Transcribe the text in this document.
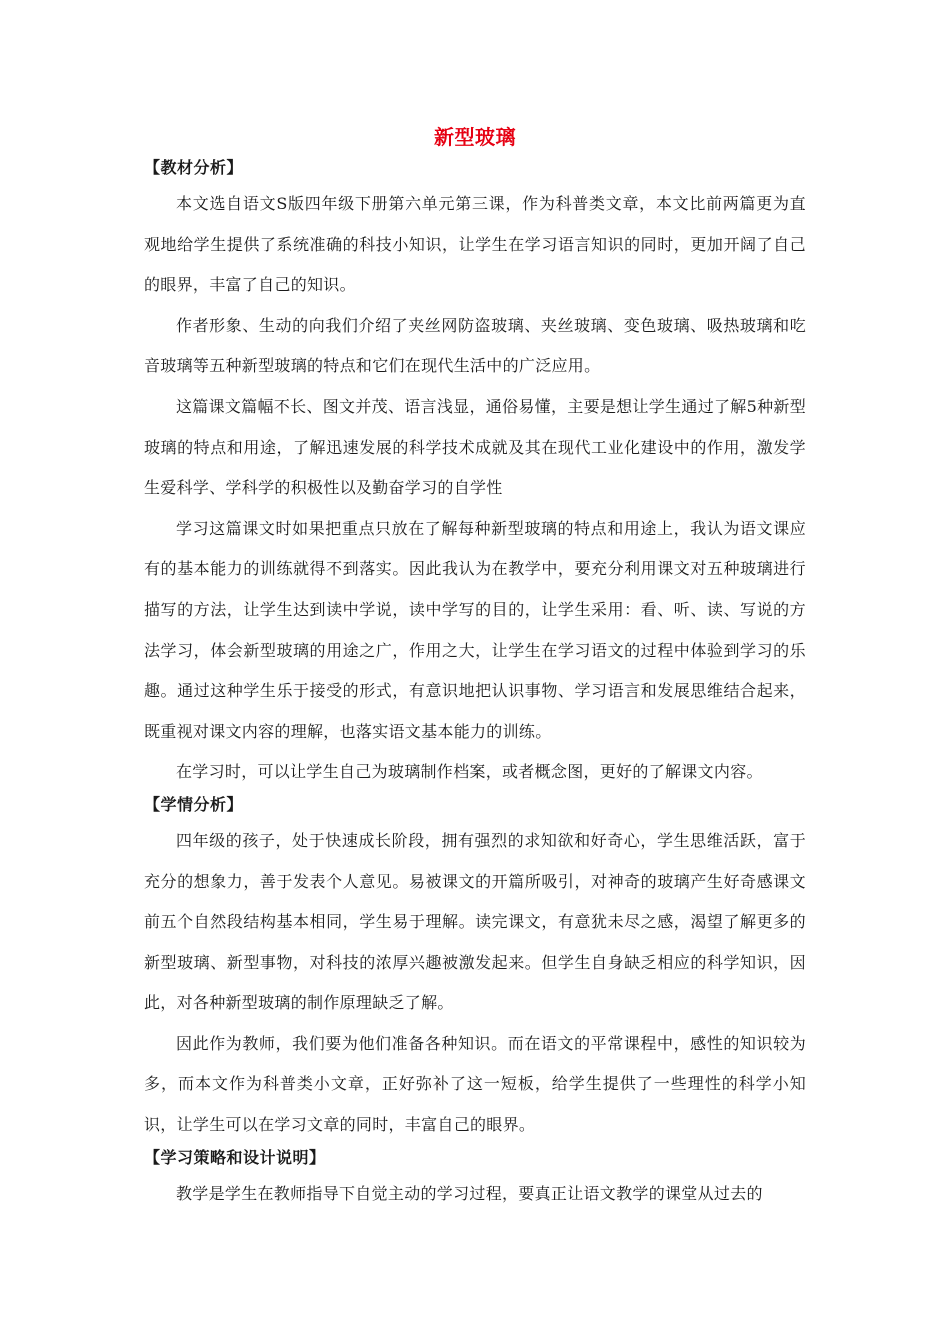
新型玻璃
【教材分析】

本文选自语文S版四年级下册第六单元第三课，作为科普类文章，本文比前两篇更为直观地给学生提供了系统准确的科技小知识，让学生在学习语言知识的同时，更加开阔了自己的眼界，丰富了自己的知识。

作者形象、生动的向我们介绍了夹丝网防盗玻璃、夹丝玻璃、变色玻璃、吸热玻璃和吃音玻璃等五种新型玻璃的特点和它们在现代生活中的广泛应用。

这篇课文篇幅不长、图文并茂、语言浅显，通俗易懂，主要是想让学生通过了解5种新型玻璃的特点和用途，了解迅速发展的科学技术成就及其在现代工业化建设中的作用，激发学生爱科学、学科学的积极性以及勤奋学习的自学性

学习这篇课文时如果把重点只放在了解每种新型玻璃的特点和用途上，我认为语文课应有的基本能力的训练就得不到落实。因此我认为在教学中，要充分利用课文对五种玻璃进行描写的方法，让学生达到读中学说，读中学写的目的，让学生采用：看、听、读、写说的方法学习，体会新型玻璃的用途之广，作用之大，让学生在学习语文的过程中体验到学习的乐趣。通过这种学生乐于接受的形式，有意识地把认识事物、学习语言和发展思维结合起来，既重视对课文内容的理解，也落实语文基本能力的训练。

在学习时，可以让学生自己为玻璃制作档案，或者概念图，更好的了解课文内容。

【学情分析】

四年级的孩子，处于快速成长阶段，拥有强烈的求知欲和好奇心，学生思维活跃，富于充分的想象力，善于发表个人意见。易被课文的开篇所吸引，对神奇的玻璃产生好奇感课文前五个自然段结构基本相同，学生易于理解。读完课文，有意犹未尽之感，渴望了解更多的新型玻璃、新型事物，对科技的浓厚兴趣被激发起来。但学生自身缺乏相应的科学知识，因此，对各种新型玻璃的制作原理缺乏了解。

因此作为教师，我们要为他们准备各种知识。而在语文的平常课程中，感性的知识较为多，而本文作为科普类小文章，正好弥补了这一短板，给学生提供了一些理性的科学小知识，让学生可以在学习文章的同时，丰富自己的眼界。

【学习策略和设计说明】

教学是学生在教师指导下自觉主动的学习过程，要真正让语文教学的课堂从过去的
